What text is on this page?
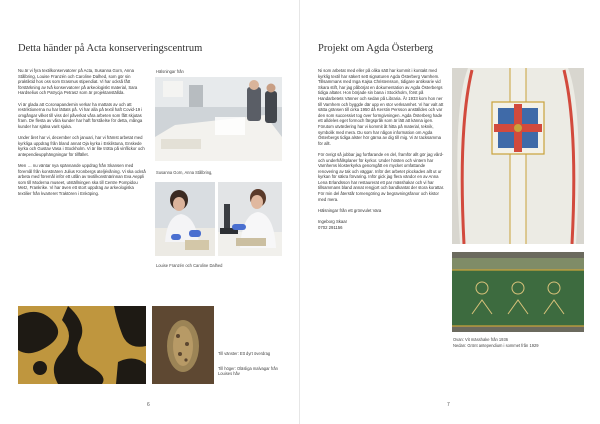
Detta händer på Acta konserveringscentrum

Nu är vi fyra textilkonservatorer på Acta, Susanna Gorn, Anna Stålbring, Louise Franzén och Caroline Dalhed, som gör sin praktiktid hos oss som Erasmus stipendiat. Vi har också fått förstärkning av två konservatorer på arkeologiskt material, Sara Hardselius och Patrycja Petrasz som är projektanställda.

Vi är glada att Coronapandemin verkar ha mattats av och att restriktionerna nu har lättats på. Vi har alla på textil haft Covid-19 i omgångar vilket till viss del påverkat våra arbeten som fått skjutas fram. De flesta av våra kunder har haft förståelse för detta, många kunder har själva varit sjuka.

Under året har vi, december och januari, har vi främst arbetat med kyrkliga uppdrag från bland annat Oja kyrka i Eskilstuna, Enskede kyrka och Gustav Vasa i Stockholm. Vi är lite trötta på vinflickor och antependieupphängningar för tillfället.

Men … nu väntar nya spännande uppdrag från Skansen med föremål från konstnären Julius Kronbergs ateljévåning. Vi ska också arbeta med föremål inför ett utlån av textilkonstnärinnan Eva Aeppli som till Moderna museet, utställningen ska till Centre Pompidou Metz, Frankrike. Vi har även ett stort uppdrag av arkeologiska textilier från kvarteret Traktören i Enköping.

Hälsningar från
Susanna Gorn, Anna Stålbring,
Louise Franzén och Caroline Dalhed
Till vänster: Ett dyrt överdrag
Till höger: Oläsliga malvagar från Louises håv
6
Projekt om Agda Österberg

Ni som arbetat med eller på olika sätt har kommit i kontakt med kyrklig textil har säkert sett signaturen Agda Österberg Varnhem. Tillsammans med Inga Kajsa Christensson, tidigare antikvarie vid Skara stift, har jag påbörjat en dokumentation av Agda Österbergs tidiga altater. Hon började sin bana i Stockholm, först på Handarbetets Vänner och sedan på Libraria. År 1933 kom hon ner till Varnhem och byggde där upp en stor verksamhet. Vi har valt att sätta gränsen till cirka 1950 då Kerstin Persson anställdes och var den som successivt tog över formgivningen. Agda Österberg hade ett alldeles eget formoch färgspråk som är lätt att känna igen. Förutom utvärdering har vi kommit åt hitta på material, teknik, symbolik med mera. Du som har någon information om Agda Österbergs tidiga alster hör gärna av dig till mig. Vi är tacksamma för allt.

För övrigt så jobbar jag fortfarande en del, framför allt gör jag vård- och underhållsplaner för kyrkor. Under hösten och vintern har Varnhems klosterkyrka genomgått en mycket omfattande renovering av tak och väggar. Inför det arbetet plockades allt ut ur kyrkan för säkra förvaring. Inför gick jag flera vändor en av Anna Lena Erlandsson har restaurerat ett par mässhakar och vi har tillsammans bland annat rengjort och bandkantat der stora korattar. För min del återstår tornengöring av begravningsfanor och kistor med mera.

Hälsningar från ett grönvulet Vara

Ingeborg Skaar

0702 291156

Ovan: Vit mässhake från 1936
Nedan: Grönt antependium i sommet från 1929
7
